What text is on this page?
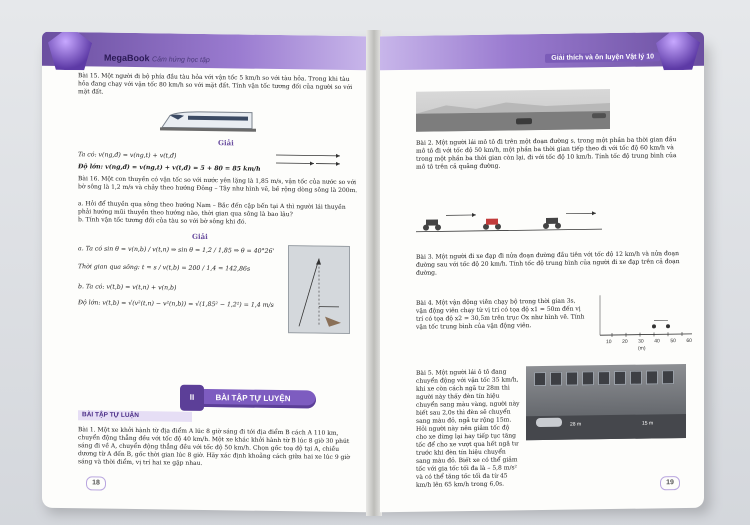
MegaBook Cảm hứng học tập
Bài 15. Một người đi bộ phía đầu tàu hỏa với vận tốc 5 km/h so với tàu hỏa. Trong khi tàu hỏa đang chạy với vận tốc 80 km/h so với mặt đất. Tính vận tốc tương đối của người so với mặt đất.
Giải
Ta có: v(ng,đ) = v(ng,t) + v(t,đ)
Độ lớn: v(ng,đ) = v(ng,t) + v(t,đ) = 5 + 80 = 85 km/h
Bài 16. Một con thuyền có vận tốc so với nước yên lặng là 1,85 m/s, vận tốc của nước so với bờ sông là 1,2 m/s và chảy theo hướng Đông – Tây như hình vẽ, bề rộng dòng sông là 200m.
a. Hỏi để thuyền qua sông theo hướng Nam – Bắc đến cập bến tại A thì người lái thuyền phải hướng mũi thuyền theo hướng nào, thời gian qua sông là bao lâu?
b. Tính vận tốc tương đối của tàu so với bờ sông khi đó.
Giải
a. Ta có sin θ = v(n,b) / v(t,n) ⇒ sin θ = 1,2 / 1,85 ⇒ θ = 40°26'
Thời gian qua sông: t = s / v(t,b) = 200 / 1,4 = 142,86s
b. Ta có: v(t,b) = v(t,n) + v(n,b)
Độ lớn: v(t,b) = √(v²(t,n) − v²(n,b)) = √(1,85² − 1,2²) = 1,4 m/s
II	BÀI TẬP TỰ LUYỆN
BÀI TẬP TỰ LUẬN
Bài 1. Một xe khởi hành từ địa điểm A lúc 8 giờ sáng đi tới địa điểm B cách A 110 km, chuyển động thẳng đều với tốc độ 40 km/h. Một xe khác khởi hành từ B lúc 8 giờ 30 phút sáng đi về A, chuyển động thẳng đều với tốc độ 50 km/h. Chọn gốc toạ độ tại A, chiều dương từ A đến B, gốc thời gian lúc 8 giờ. Hãy xác định khoảng cách giữa hai xe lúc 9 giờ sáng và thời điểm, vị trí hai xe gặp nhau.
18
Giải thích và ôn luyện Vật lý 10
Bài 2. Một người lái mô tô đi trên một đoạn đường s, trong một phần ba thời gian đầu mô tô đi với tốc độ 50 km/h, một phần ba thời gian tiếp theo đi với tốc độ 60 km/h và trong một phần ba thời gian còn lại, đi với tốc độ 10 km/h. Tính tốc độ trung bình của mô tô trên cả quãng đường.
Bài 3. Một người đi xe đạp đi nửa đoạn đường đầu tiên với tốc độ 12 km/h và nửa đoạn đường sau với tốc độ 20 km/h. Tính tốc độ trung bình của người đi xe đạp trên cả đoạn đường.
Bài 4. Một vận động viên chạy bộ trong thời gian 3s, vận động viên chạy từ vị trí có tọa độ x1 = 50m đến vị trí có tọa độ x2 = 30,5m trên trục Ox như hình vẽ. Tính vận tốc trung bình của vận động viên.
10 20 30 40 50 60
(m)
Bài 5. Một người lái ô tô đang chuyển động với vận tốc 35 km/h, khi xe còn cách ngã tư 28m thì người này thấy đèn tín hiệu chuyển sang màu vàng, người này biết sau 2,0s thì đèn sẽ chuyển sang màu đỏ, ngã tư rộng 15m. Hỏi người này nên giảm tốc độ cho xe dừng lại hay tiếp tục tăng tốc để cho xe vượt qua hết ngã tư trước khi đèn tín hiệu chuyển sang màu đỏ. Biết xe có thể giảm tốc với gia tốc tối đa là – 5,8 m/s² và có thể tăng tốc tối đa từ 45 km/h lên 65 km/h trong 6,0s.
28 m	15 m
19
